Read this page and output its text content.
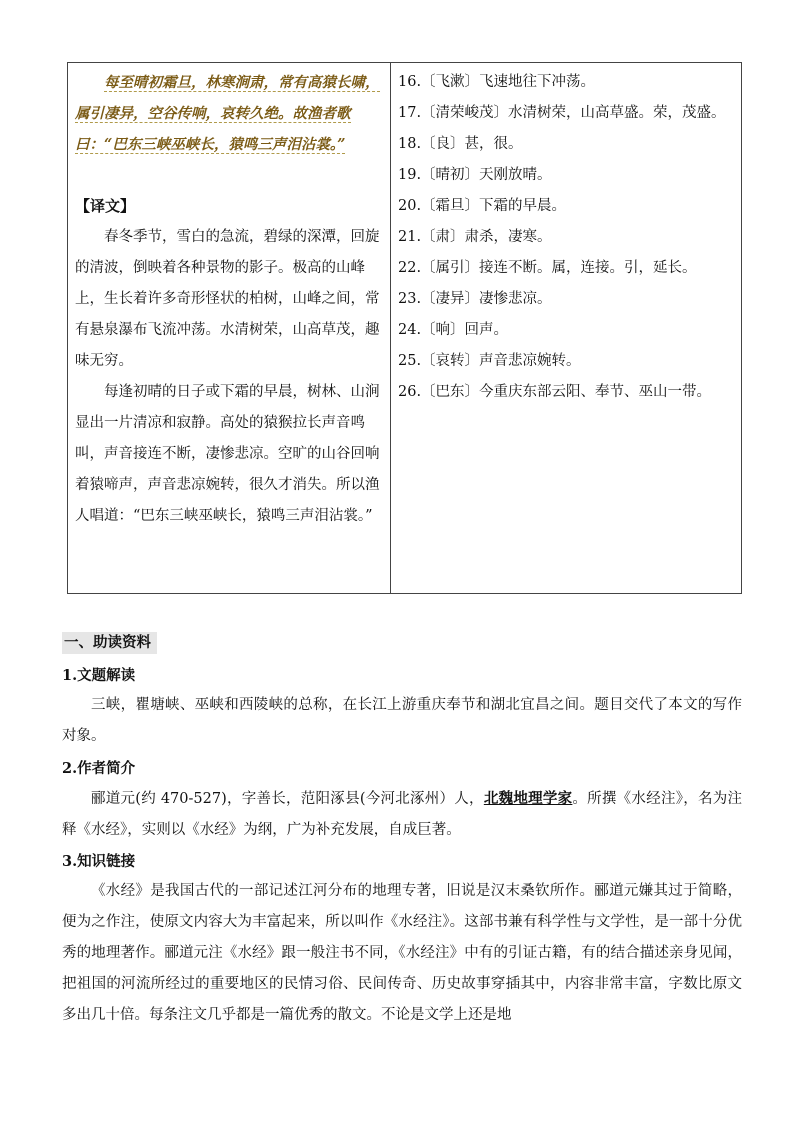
每至晴初霜旦，林寒涧肃，常有高猿长啸，属引凄异，空谷传响，哀转久绝。故渔者歌曰：“巴东三峡巫峡长，猿鸣三声泪沾裳。”

【译文】

春冬季节，雪白的急流，碧绿的深潭，回旋的清波，倒映着各种景物的影子。极高的山峰上，生长着许多奇形怪状的柏树，山峰之间，常有悬泉瀑布飞流冲荡。水清树荣，山高草茂，趣味无穷。

每逢初晴的日子或下霜的早晨，树林、山涧显出一片清凉和寂静。高处的猿猴拉长声音鸣叫，声音接连不断，凄惨悲凉。空旷的山谷回响着猿啼声，声音悲凉婉转，很久才消失。所以渔人唱道：“巴东三峡巫峡长，猿鸣三声泪沾裳。”

16.〔飞漱〕飞速地往下冲荡。

17.〔清荣峻茂〕水清树荣，山高草盛。荣，茂盛。

18.〔良〕甚，很。

19.〔晴初〕天刚放晴。

20.〔霜旦〕下霜的早晨。

21.〔肃〕肃杀，凄寒。

22.〔属引〕接连不断。属，连接。引，延长。

23.〔凄异〕凄惨悲凉。

24.〔响〕回声。

25.〔哀转〕声音悲凉婉转。

26.〔巴东〕今重庆东部云阳、奉节、巫山一带。

一、助读资料
1.文题解读

三峡，瞿塘峡、巫峡和西陵峡的总称，在长江上游重庆奉节和湖北宜昌之间。题目交代了本文的写作对象。

2.作者简介

郦道元(约 470-527)，字善长，范阳涿县(今河北涿州）人，北魏地理学家。所撰《水经注》，名为注释《水经》，实则以《水经》为纲，广为补充发展，自成巨著。

3.知识链接

《水经》是我国古代的一部记述江河分布的地理专著，旧说是汉末桑钦所作。郦道元嫌其过于简略，便为之作注，使原文内容大为丰富起来，所以叫作《水经注》。这部书兼有科学性与文学性，是一部十分优秀的地理著作。郦道元注《水经》跟一般注书不同，《水经注》中有的引证古籍，有的结合描述亲身见闻，把祖国的河流所经过的重要地区的民情习俗、民间传奇、历史故事穿插其中，内容非常丰富，字数比原文多出几十倍。每条注文几乎都是一篇优秀的散文。不论是文学上还是地
